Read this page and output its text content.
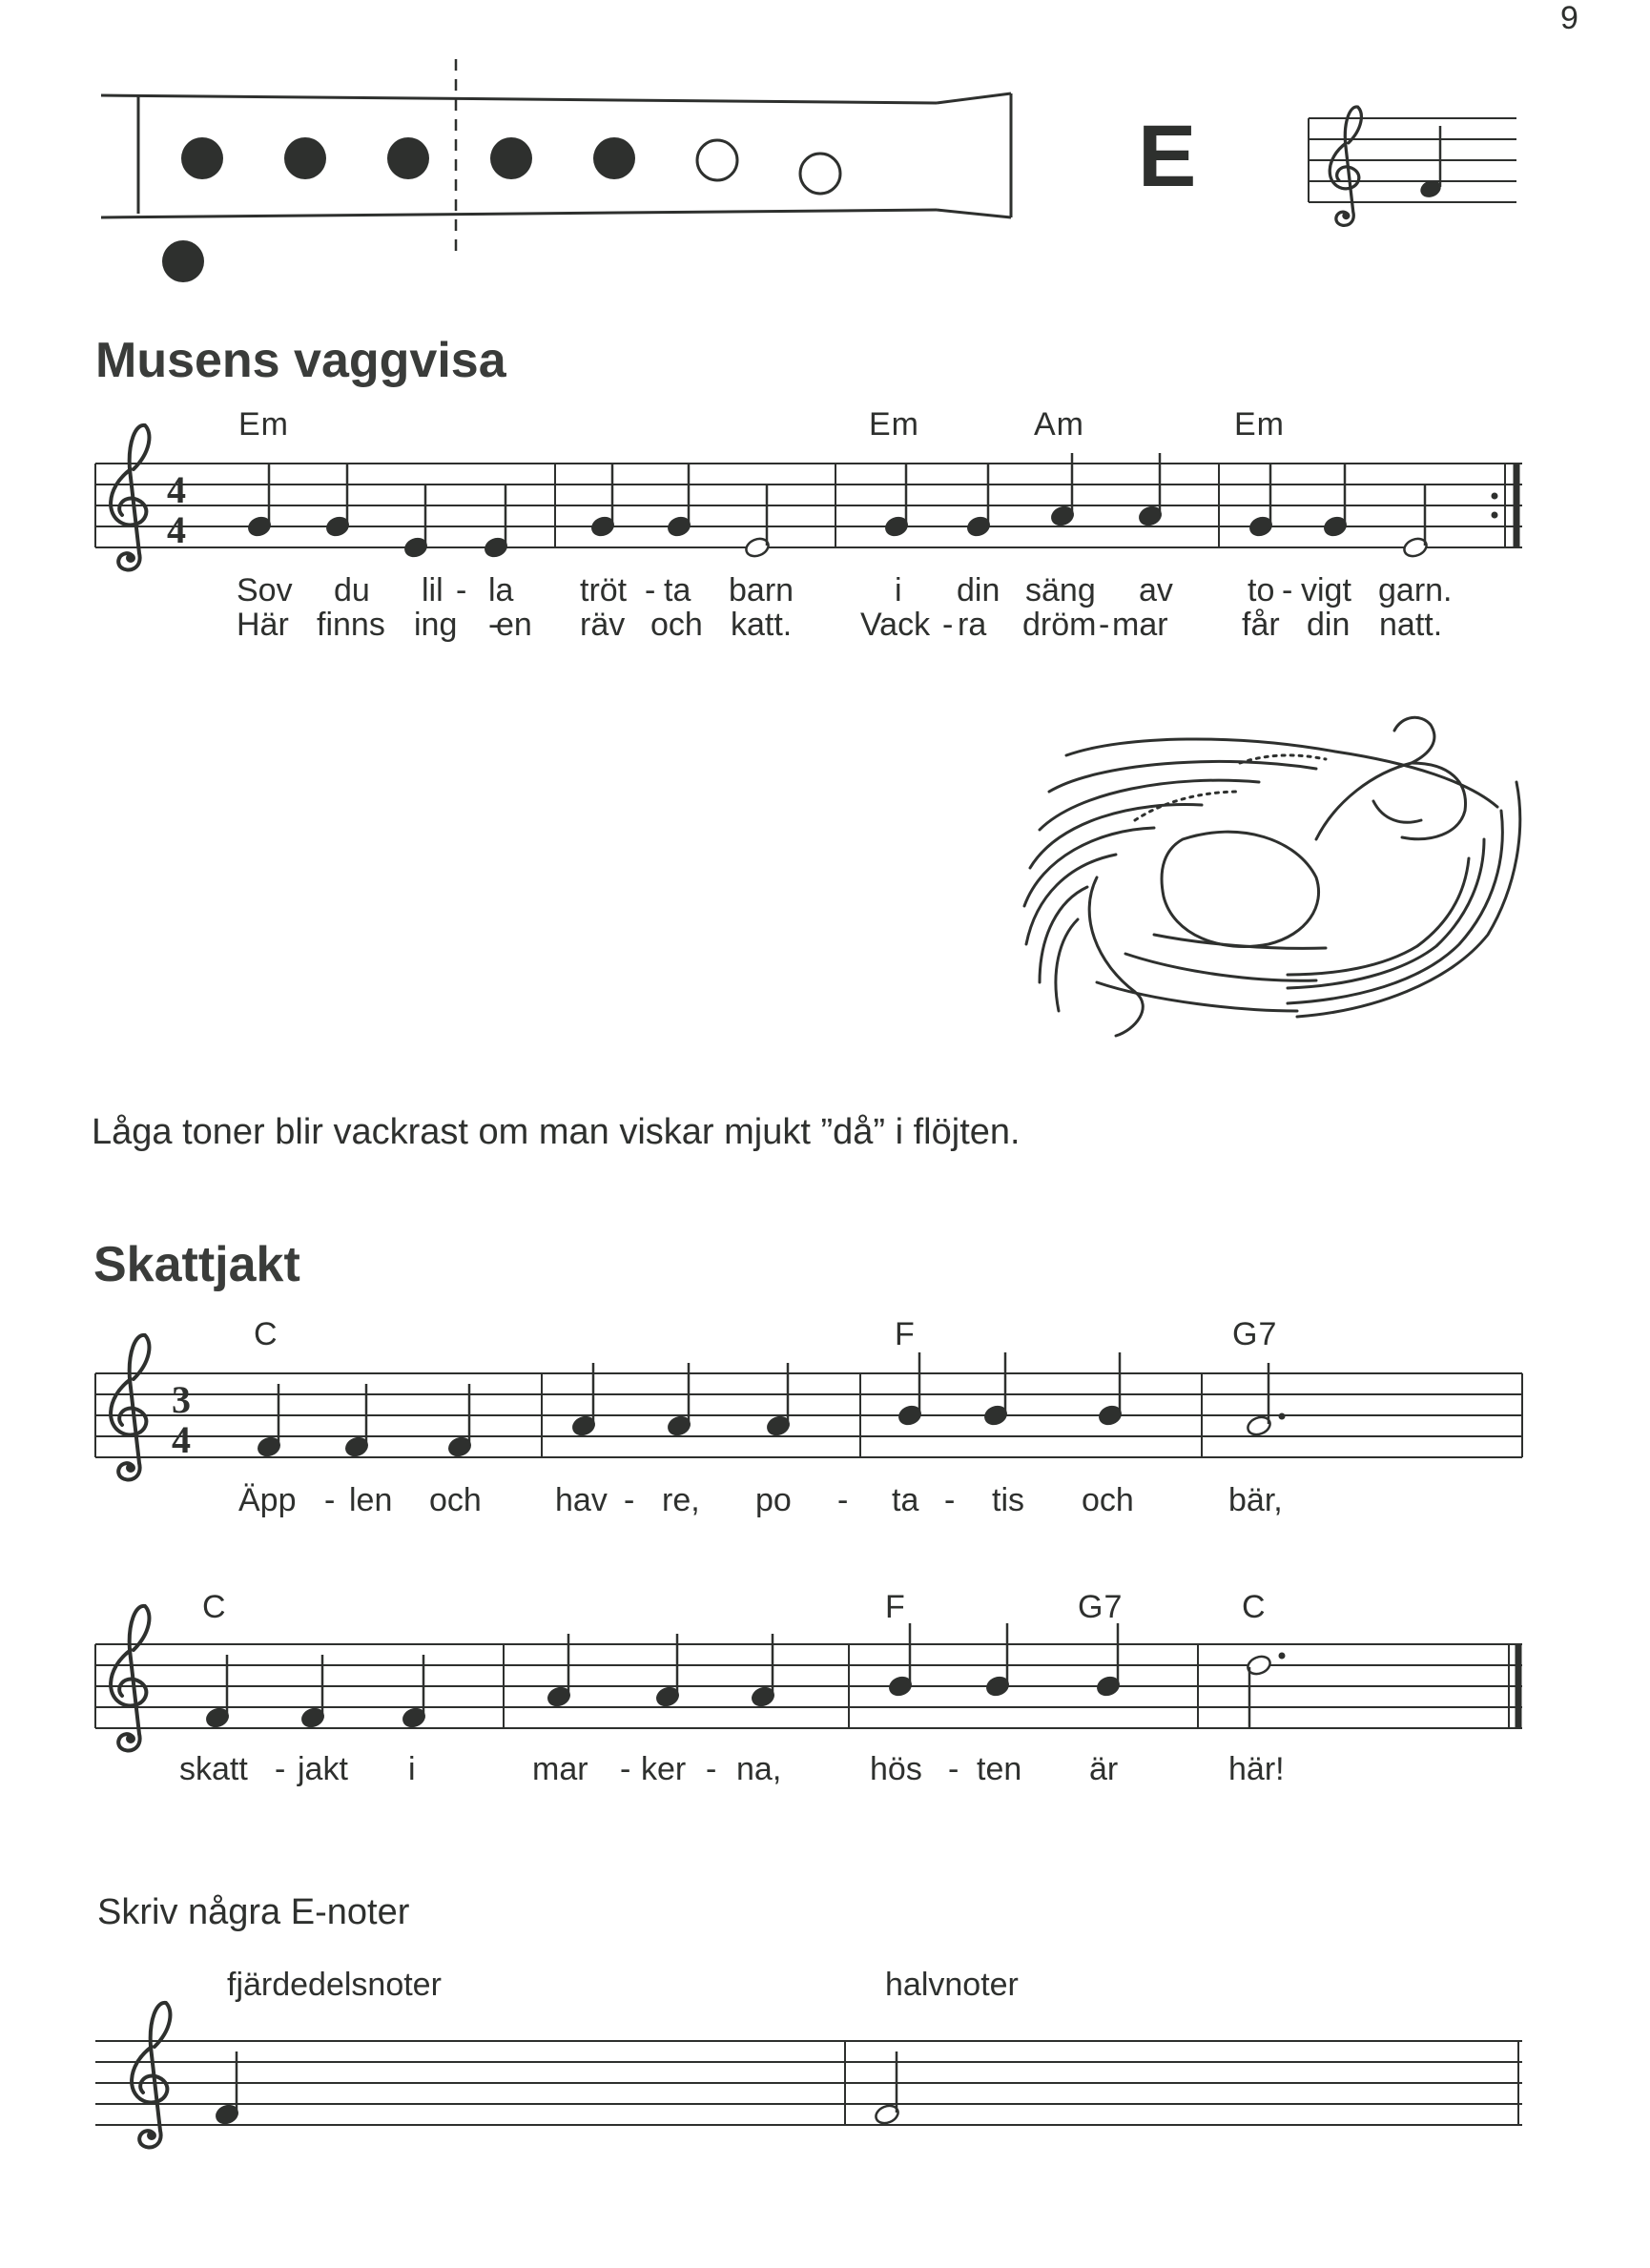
9
4
4
3
4
E
Musens vaggvisa
Em	Em	Am	Em
Sov du lil - la tröt - ta barn	i din säng av to - vigt garn.
Här finns ing -
en räv och katt. Vack - ra dröm - mar får din natt.
Låga toner blir vackrast om man viskar mjukt ”då” i flöjten.
Skattjakt
C	F	G7
Äpp - len och hav - re, po - ta - tis och	bär,
C	F	G7	C
skatt - jakt i	mar - ker - na,	hös - ten är	här!
Skriv några E-noter
fjärdedelsnoter	halvnoter
